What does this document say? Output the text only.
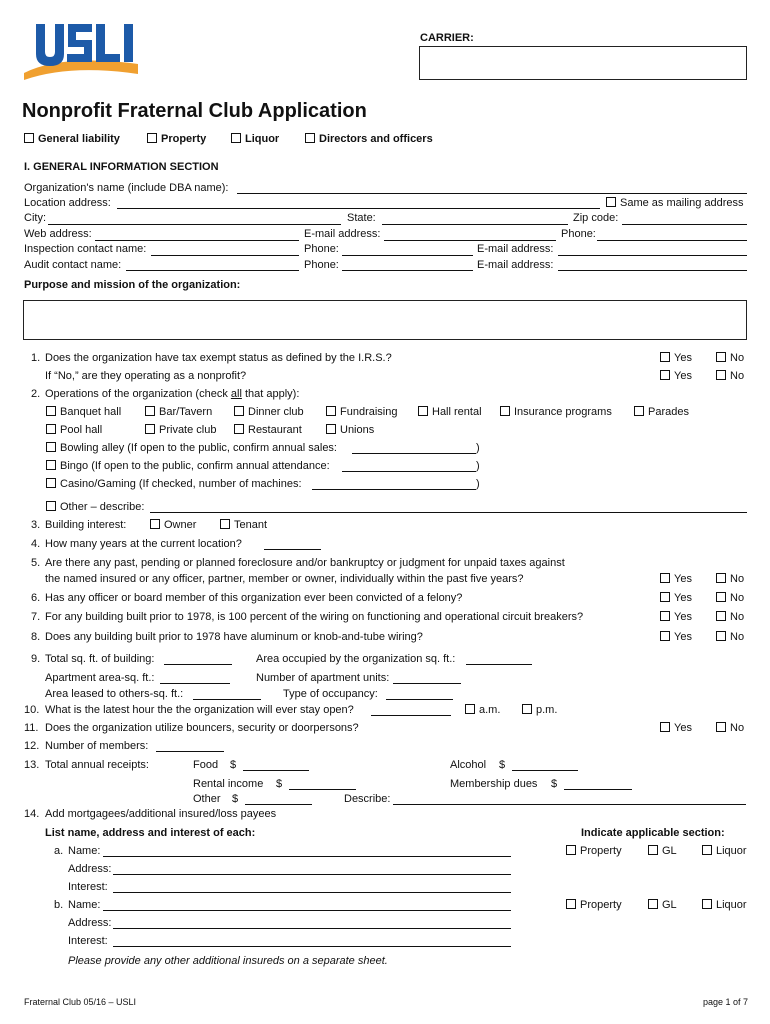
CARRIER:
Nonprofit Fraternal Club Application
General liability	Property	Liquor	Directors and officers
I. GENERAL INFORMATION SECTION
Organization's name (include DBA name):
Location address:	Same as mailing address
City:	State:	Zip code:
Web address:	E-mail address:	Phone:
Inspection contact name:	Phone:	E-mail address:
Audit contact name:	Phone:	E-mail address:
Purpose and mission of the organization:
1. Does the organization have tax exempt status as defined by the I.R.S.?	Yes	No
If “No,” are they operating as a nonprofit?	Yes	No
2. Operations of the organization (check all that apply):
Banquet hall	Bar/Tavern	Dinner club	Fundraising	Hall rental	Insurance programs	Parades
Pool hall	Private club	Restaurant	Unions
Bowling alley (If open to the public, confirm annual sales:	)
Bingo (If open to the public, confirm annual attendance:	)
Casino/Gaming (If checked, number of machines:	)
Other – describe:
3. Building interest:	Owner	Tenant
4. How many years at the current location?
5. Are there any past, pending or planned foreclosure and/or bankruptcy or judgment for unpaid taxes against
the named insured or any officer, partner, member or owner, individually within the past five years?	Yes	No
6. Has any officer or board member of this organization ever been convicted of a felony?	Yes	No
7. For any building built prior to 1978, is 100 percent of the wiring on functioning and operational circuit breakers?	Yes	No
8. Does any building built prior to 1978 have aluminum or knob-and-tube wiring?	Yes	No
9. Total sq. ft. of building:	Area occupied by the organization sq. ft.:
Apartment area-sq. ft.:	Number of apartment units:
Area leased to others-sq. ft.:	Type of occupancy:
10. What is the latest hour the the organization will ever stay open?	a.m.	p.m.
11. Does the organization utilize bouncers, security or doorpersons?	Yes	No
12. Number of members:
13. Total annual receipts:	Food $	Alcohol $
Rental income $	Membership dues $
Other $	Describe:
14. Add mortgagees/additional insured/loss payees
List name, address and interest of each:	Indicate applicable section:
a. Name:	Property	GL	Liquor
Address:
Interest:
b. Name:	Property	GL	Liquor
Address:
Interest:
Please provide any other additional insureds on a separate sheet.
Fraternal Club 05/16 – USLI	page 1 of 7
